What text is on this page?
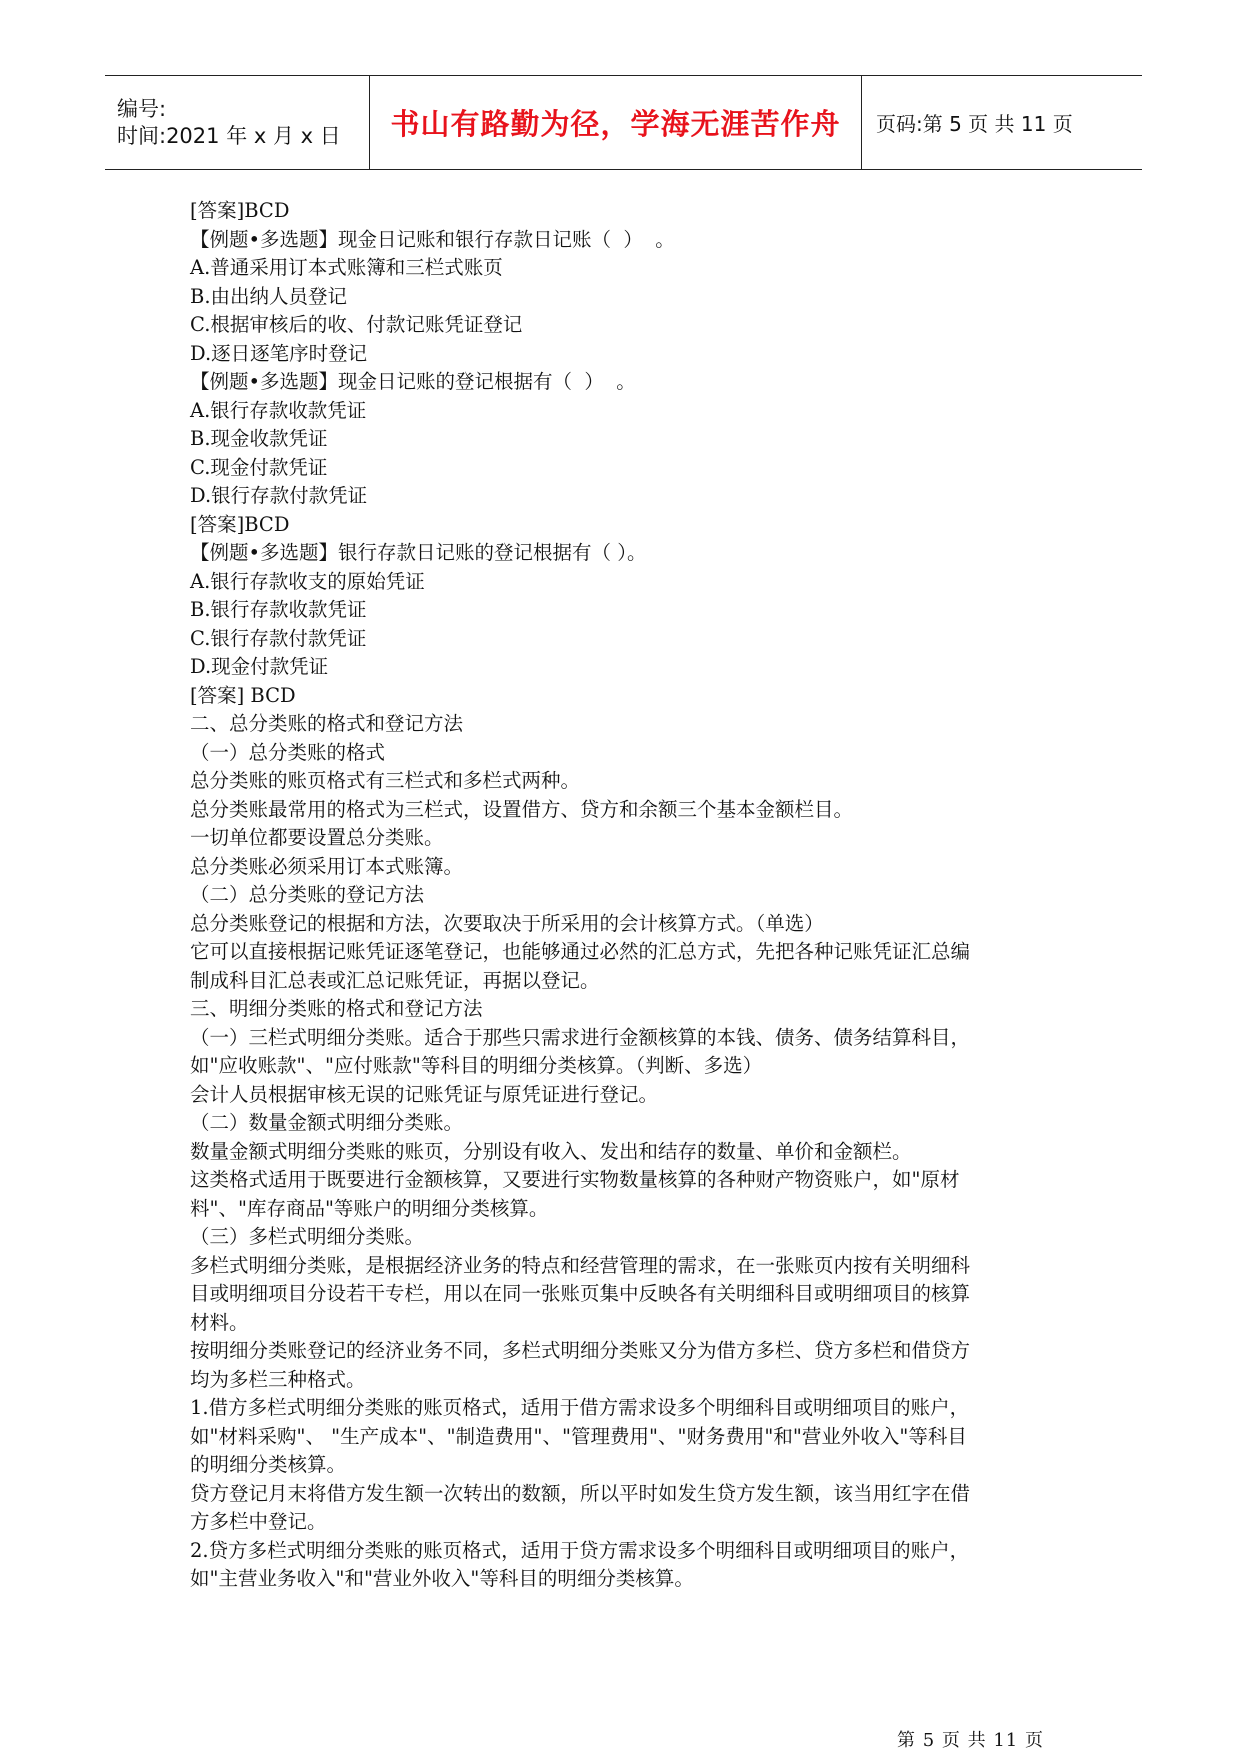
编号:
时间:2021 年 x 月 x 日	书山有路勤为径，学海无涯苦作舟 页码:第 5 页 共 11 页
[答案]BCD
【例题•多选题】现金日记账和银行存款日记账（  ）  。
A.普通采用订本式账簿和三栏式账页
B.由出纳人员登记
C.根据审核后的收、付款记账凭证登记
D.逐日逐笔序时登记
【例题•多选题】现金日记账的登记根据有（  ）  。
A.银行存款收款凭证
B.现金收款凭证
C.现金付款凭证
D.银行存款付款凭证
[答案]BCD
【例题•多选题】银行存款日记账的登记根据有（ ）。
A.银行存款收支的原始凭证
B.银行存款收款凭证
C.银行存款付款凭证
D.现金付款凭证
[答案] BCD
二、总分类账的格式和登记方法
（一）总分类账的格式
总分类账的账页格式有三栏式和多栏式两种。
总分类账最常用的格式为三栏式，设置借方、贷方和余额三个基本金额栏目。
一切单位都要设置总分类账。
总分类账必须采用订本式账簿。
（二）总分类账的登记方法
总分类账登记的根据和方法，次要取决于所采用的会计核算方式。（单选）
它可以直接根据记账凭证逐笔登记，也能够通过必然的汇总方式，先把各种记账凭证汇总编
制成科目汇总表或汇总记账凭证，再据以登记。
三、明细分类账的格式和登记方法
（一）三栏式明细分类账。适合于那些只需求进行金额核算的本钱、债务、债务结算科目，
如"应收账款"、"应付账款"等科目的明细分类核算。（判断、多选）
会计人员根据审核无误的记账凭证与原凭证进行登记。
（二）数量金额式明细分类账。
数量金额式明细分类账的账页，分别设有收入、发出和结存的数量、单价和金额栏。
这类格式适用于既要进行金额核算，又要进行实物数量核算的各种财产物资账户，如"原材
料"、"库存商品"等账户的明细分类核算。
（三）多栏式明细分类账。
多栏式明细分类账，是根据经济业务的特点和经营管理的需求，在一张账页内按有关明细科
目或明细项目分设若干专栏，用以在同一张账页集中反映各有关明细科目或明细项目的核算
材料。
按明细分类账登记的经济业务不同，多栏式明细分类账又分为借方多栏、贷方多栏和借贷方
均为多栏三种格式。
1.借方多栏式明细分类账的账页格式，适用于借方需求设多个明细科目或明细项目的账户，
如"材料采购"、 "生产成本"、"制造费用"、"管理费用"、"财务费用"和"营业外收入"等科目
的明细分类核算。
贷方登记月末将借方发生额一次转出的数额，所以平时如发生贷方发生额，该当用红字在借
方多栏中登记。
2.贷方多栏式明细分类账的账页格式，适用于贷方需求设多个明细科目或明细项目的账户，
如"主营业务收入"和"营业外收入"等科目的明细分类核算。
第 5 页 共 11 页
